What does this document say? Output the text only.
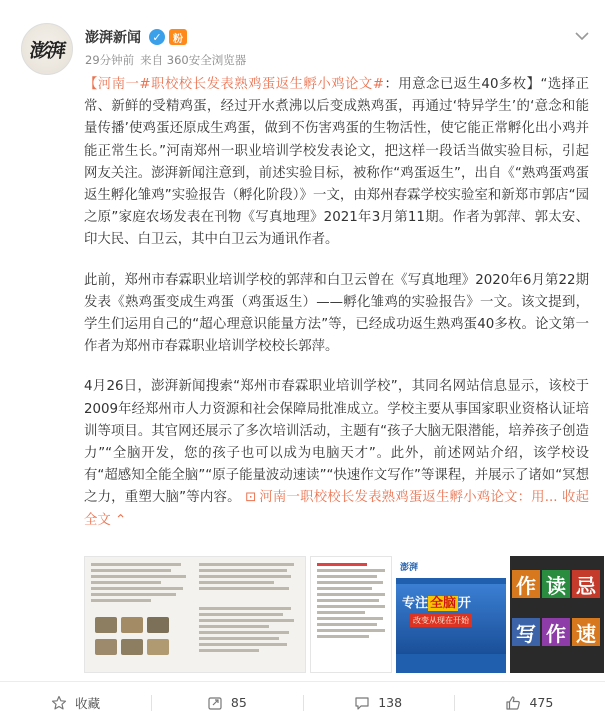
澎湃
澎湃新闻	✓	粉
29分钟前 来自 360安全浏览器

【河南一#职校校长发表熟鸡蛋返生孵小鸡论文#：用意念已返生40多枚】“选择正常、新鲜的受精鸡蛋，经过开水煮沸以后变成熟鸡蛋，再通过‘特异学生’的‘意念和能量传播’使鸡蛋还原成生鸡蛋，做到不伤害鸡蛋的生物活性，使它能正常孵化出小鸡并能正常生长。”河南郑州一职业培训学校发表论文，把这样一段话当做实验目标，引起网友关注。澎湃新闻注意到，前述实验目标，被称作“鸡蛋返生”，出自《“熟鸡蛋鸡蛋返生孵化雏鸡”实验报告（孵化阶段）》一文，由郑州春霖学校实验室和新郑市郭店“园之原”家庭农场发表在刊物《写真地理》2021年3月第11期。作者为郭萍、郭太安、印大民、白卫云，其中白卫云为通讯作者。

此前，郑州市春霖职业培训学校的郭萍和白卫云曾在《写真地理》2020年6月第22期发表《熟鸡蛋变成生鸡蛋（鸡蛋返生）——孵化雏鸡的实验报告》一文。该文提到，学生们运用自己的“超心理意识能量方法”等，已经成功返生熟鸡蛋40多枚。论文第一作者为郑州市春霖职业培训学校校长郭萍。

4月26日，澎湃新闻搜索“郑州市春霖职业培训学校”，其同名网站信息显示，该校于2009年经郑州市人力资源和社会保障局批准成立。学校主要从事国家职业资格认证培训等项目。其官网还展示了多次培训活动，主题有“孩子大脑无限潜能，培养孩子创造力”“全脑开发，您的孩子也可以成为电脑天才”。此外，前述网站介绍，该学校设有“超感知全能全脑”“原子能量波动速读”“快速作文写作”等课程，并展示了诸如“冥想之力，重塑大脑”等内容。 ⊡ 河南一职校校长发表熟鸡蛋返生孵小鸡论文：用... 收起全文 ⌃

澎湃
专注 全脑 开
改变从现在开始
作 读 忌
写 作 速
收藏	85	138	475
